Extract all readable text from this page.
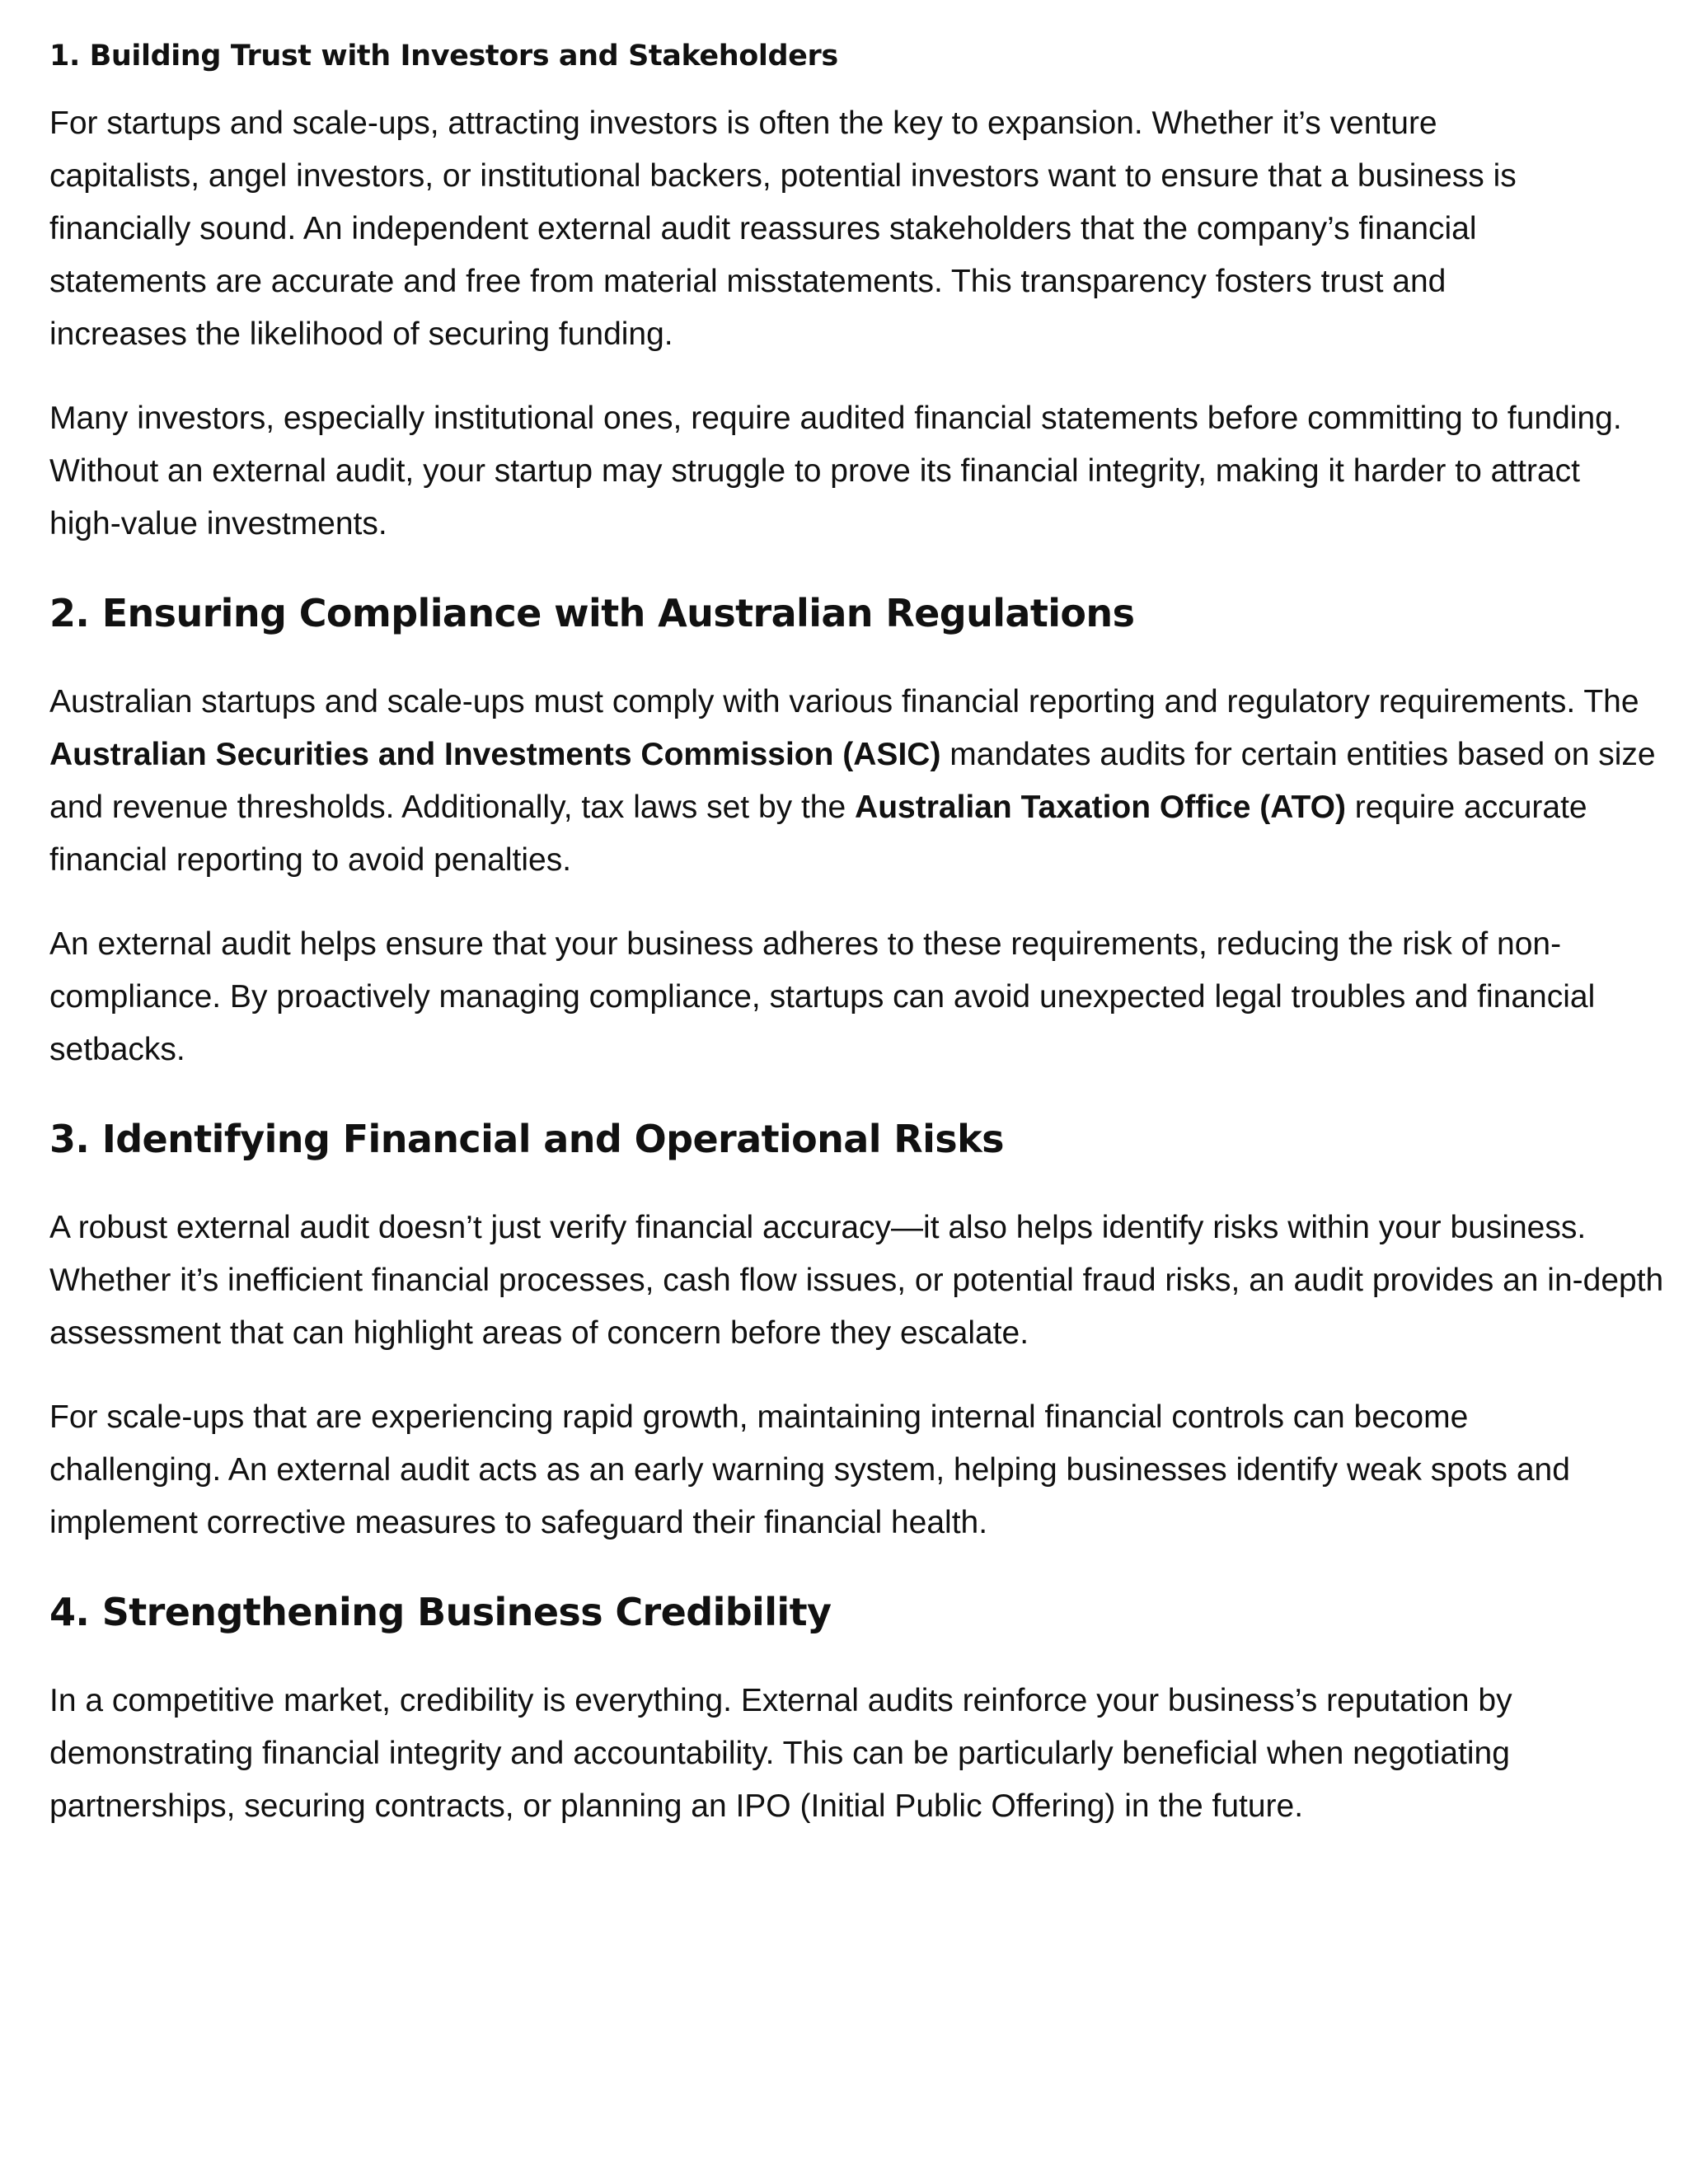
1. Building Trust with Investors and Stakeholders

For startups and scale-ups, attracting investors is often the key to expansion. Whether it’s venture capitalists, angel investors, or institutional backers, potential investors want to ensure that a business is financially sound. An independent external audit reassures stakeholders that the company’s financial statements are accurate and free from material misstatements. This transparency fosters trust and increases the likelihood of securing funding.

Many investors, especially institutional ones, require audited financial statements before committing to funding. Without an external audit, your startup may struggle to prove its financial integrity, making it harder to attract high-value investments.

2. Ensuring Compliance with Australian Regulations

Australian startups and scale-ups must comply with various financial reporting and regulatory requirements. The Australian Securities and Investments Commission (ASIC) mandates audits for certain entities based on size and revenue thresholds. Additionally, tax laws set by the Australian Taxation Office (ATO) require accurate financial reporting to avoid penalties.

An external audit helps ensure that your business adheres to these requirements, reducing the risk of non-compliance. By proactively managing compliance, startups can avoid unexpected legal troubles and financial setbacks.

3. Identifying Financial and Operational Risks

A robust external audit doesn’t just verify financial accuracy—it also helps identify risks within your business. Whether it’s inefficient financial processes, cash flow issues, or potential fraud risks, an audit provides an in-depth assessment that can highlight areas of concern before they escalate.

For scale-ups that are experiencing rapid growth, maintaining internal financial controls can become challenging. An external audit acts as an early warning system, helping businesses identify weak spots and implement corrective measures to safeguard their financial health.

4. Strengthening Business Credibility

In a competitive market, credibility is everything. External audits reinforce your business’s reputation by demonstrating financial integrity and accountability. This can be particularly beneficial when negotiating partnerships, securing contracts, or planning an IPO (Initial Public Offering) in the future.
